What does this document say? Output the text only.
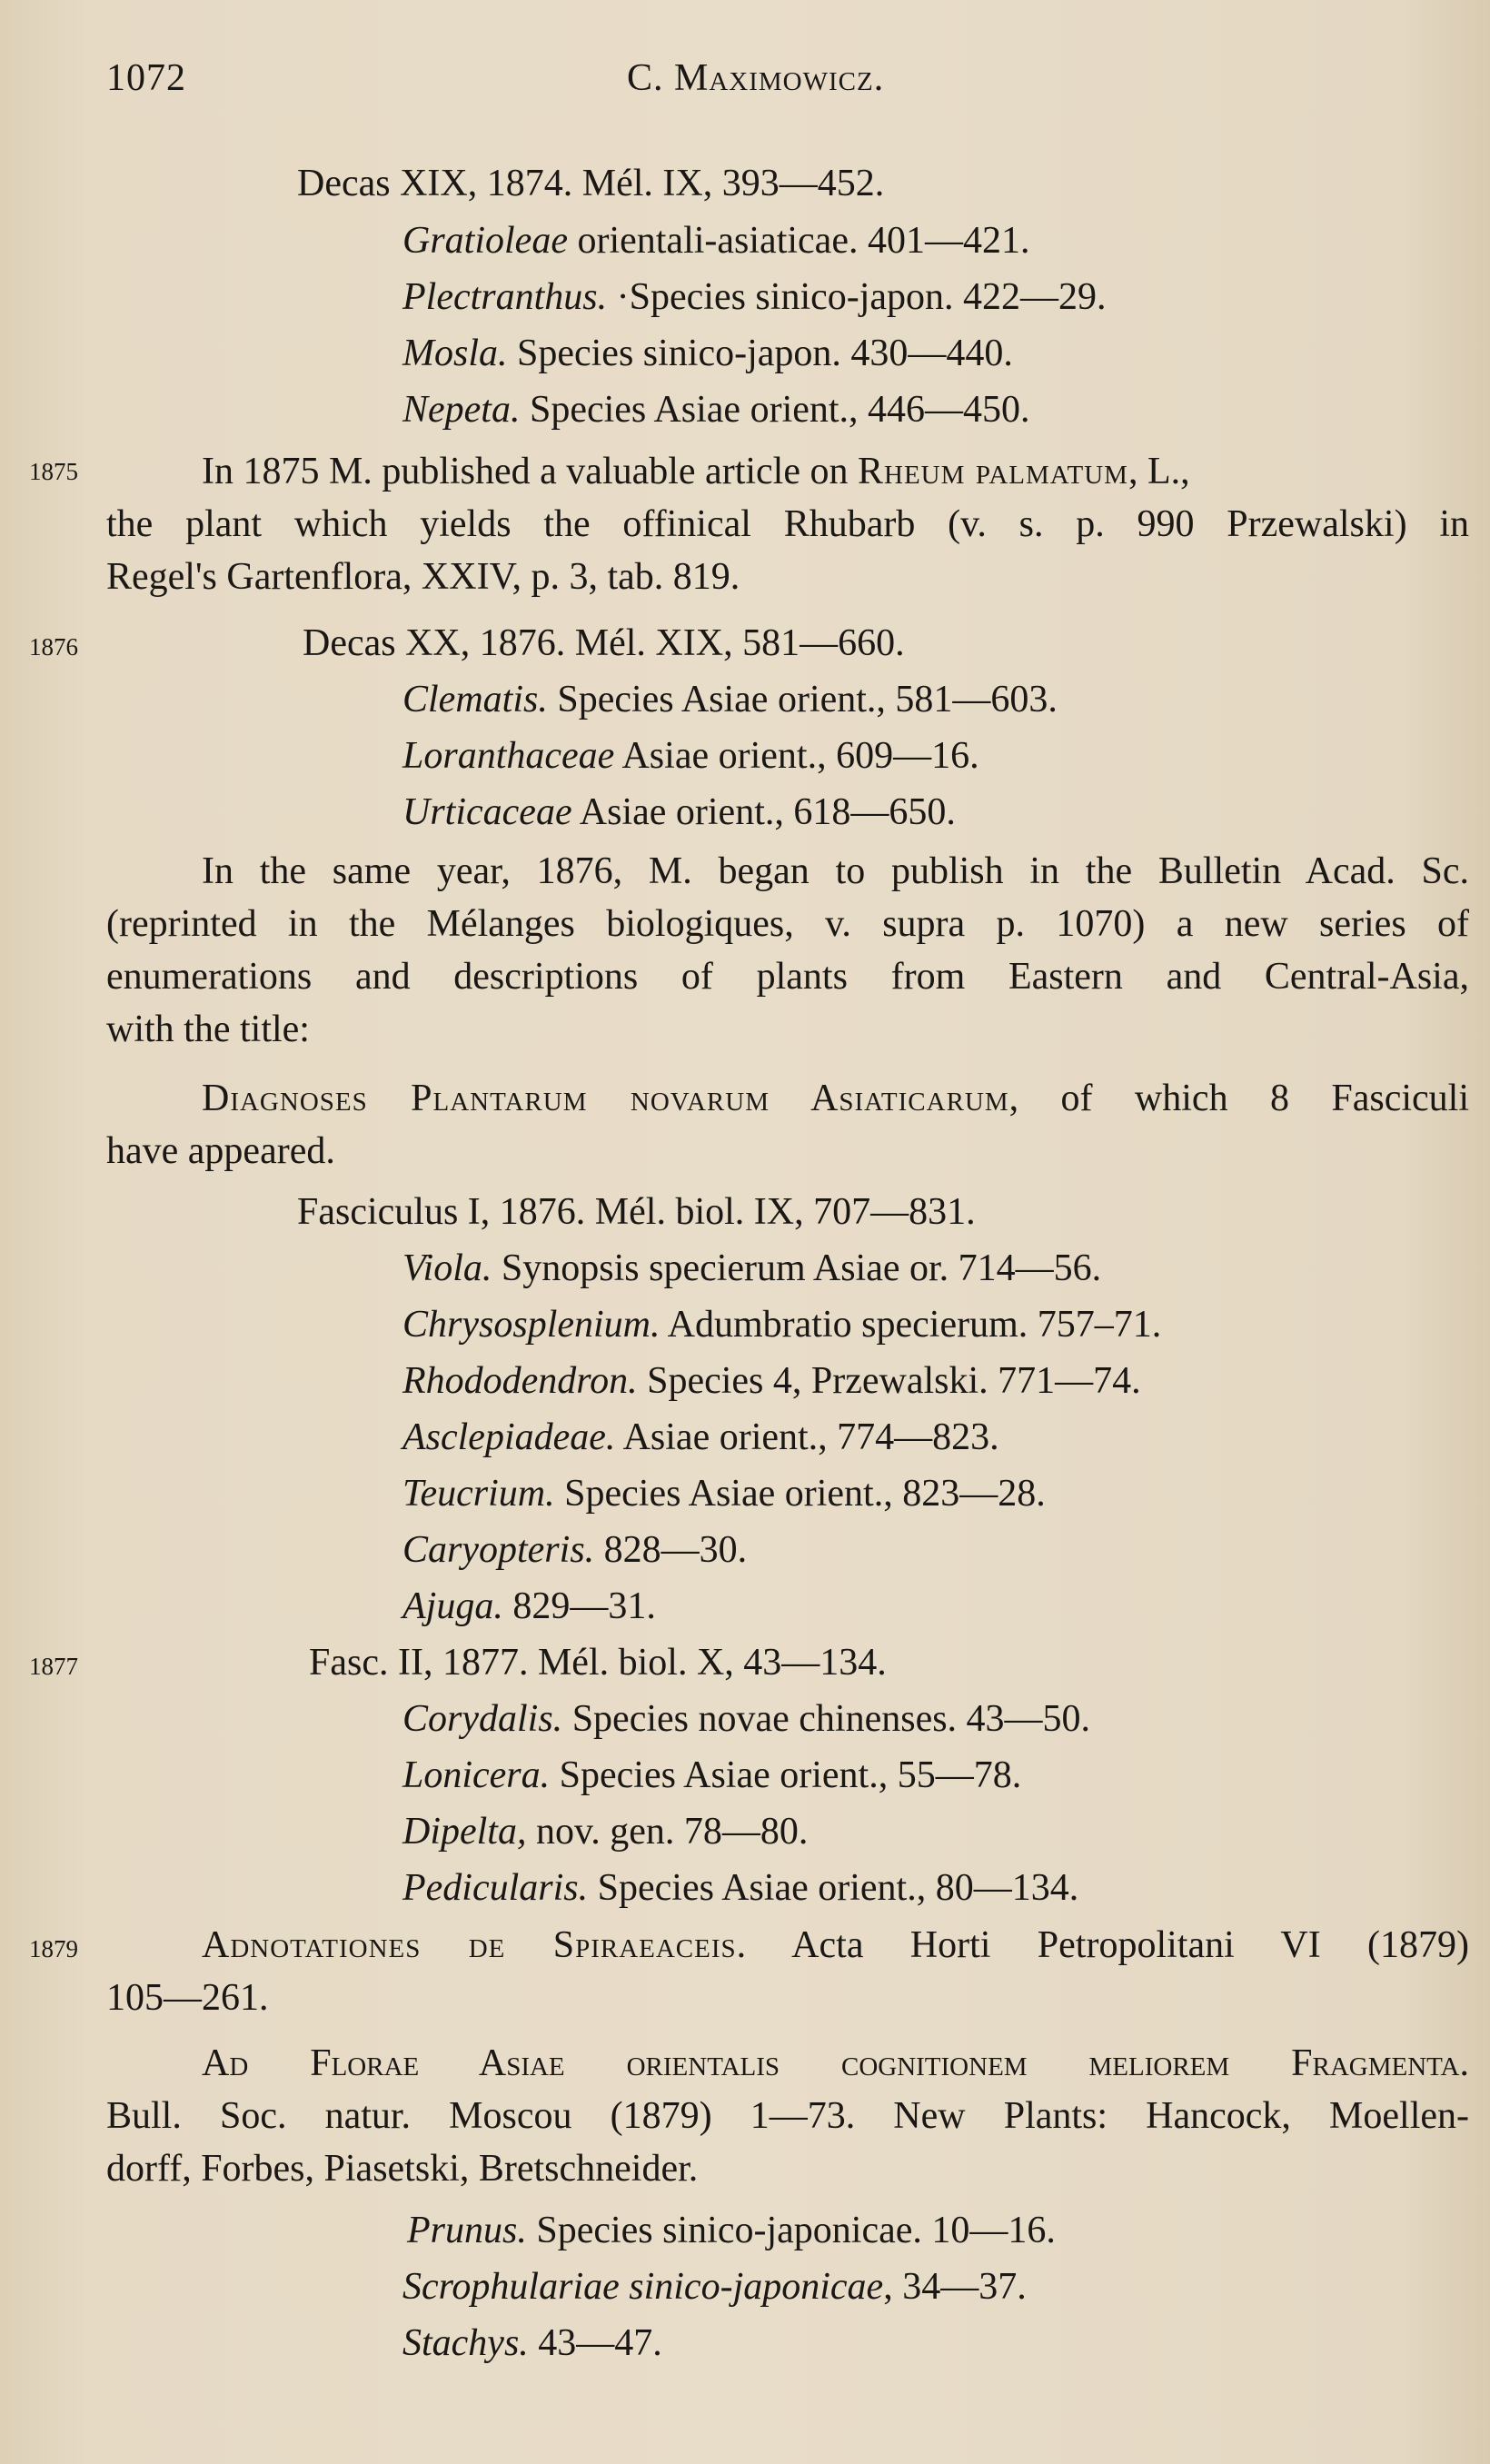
1072	C. Maximowicz.
Decas XIX, 1874. Mél. IX, 393—452.
Gratioleae orientali-asiaticae. 401—421.
Plectranthus. ·Species sinico-japon. 422—29.
Mosla. Species sinico-japon. 430—440.
Nepeta. Species Asiae orient., 446—450.
1875	In 1875 M. published a valuable article on Rheum palmatum, L.,
the plant which yields the offinical Rhubarb (v. s. p. 990 Przewalski) in
Regel's Gartenflora, XXIV, p. 3, tab. 819.
1876	Decas XX, 1876. Mél. XIX, 581—660.
Clematis. Species Asiae orient., 581—603.
Loranthaceae Asiae orient., 609—16.
Urticaceae Asiae orient., 618—650.
In the same year, 1876, M. began to publish in the Bulletin Acad. Sc.
(reprinted in the Mélanges biologiques, v. supra p. 1070) a new series of
enumerations and descriptions of plants from Eastern and Central-Asia,
with the title:
Diagnoses Plantarum novarum Asiaticarum, of which 8 Fasciculi
have appeared.
Fasciculus I, 1876. Mél. biol. IX, 707—831.
Viola. Synopsis specierum Asiae or. 714—56.
Chrysosplenium. Adumbratio specierum. 757–71.
Rhododendron. Species 4, Przewalski. 771—74.
Asclepiadeae. Asiae orient., 774—823.
Teucrium. Species Asiae orient., 823—28.
Caryopteris. 828—30.
Ajuga. 829—31.
1877	Fasc. II, 1877. Mél. biol. X, 43—134.
Corydalis. Species novae chinenses. 43—50.
Lonicera. Species Asiae orient., 55—78.
Dipelta, nov. gen. 78—80.
Pedicularis. Species Asiae orient., 80—134.
1879	Adnotationes de Spiraeaceis. Acta Horti Petropolitani VI (1879)
105—261.
Ad Florae Asiae orientalis cognitionem meliorem Fragmenta.
Bull. Soc. natur. Moscou (1879) 1—73. New Plants: Hancock, Moellen-
dorff, Forbes, Piasetski, Bretschneider.
Prunus. Species sinico-japonicae. 10—16.
Scrophulariae sinico-japonicae, 34—37.
Stachys. 43—47.
